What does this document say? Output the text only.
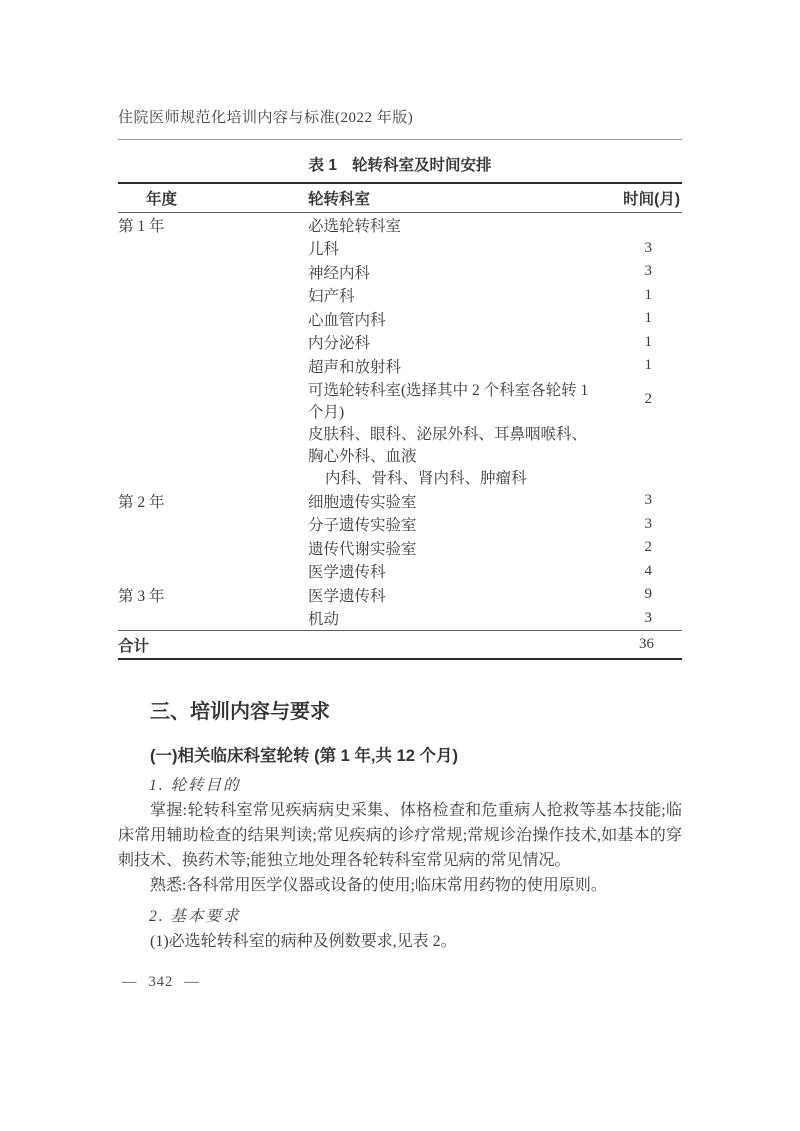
住院医师规范化培训内容与标准(2022 年版)
表 1 轮转科室及时间安排
年度	轮转科室	时间(月)
第 1 年	必选轮转科室	
	儿科	3
	神经内科	3
	妇产科	1
	心血管内科	1
	内分泌科	1
	超声和放射科	1
	可选轮转科室(选择其中 2 个科室各轮转 1 个月)	2
	皮肤科、眼科、泌尿外科、耳鼻咽喉科、胸心外科、血液	
	内科、骨科、肾内科、肿瘤科	
第 2 年	细胞遗传实验室	3
	分子遗传实验室	3
	遗传代谢实验室	2
	医学遗传科	4
第 3 年	医学遗传科	9
	机动	3
合计		36
三、培训内容与要求
(一)相关临床科室轮转 (第 1 年,共 12 个月)

1. 轮转目的

掌握:轮转科室常见疾病病史采集、体格检查和危重病人抢救等基本技能;临床常用辅助检查的结果判读;常见疾病的诊疗常规;常规诊治操作技术,如基本的穿刺技术、换药术等;能独立地处理各轮转科室常见病的常见情况。

熟悉:各科常用医学仪器或设备的使用;临床常用药物的使用原则。

2. 基本要求

(1)必选轮转科室的病种及例数要求,见表 2。

— 342 —
